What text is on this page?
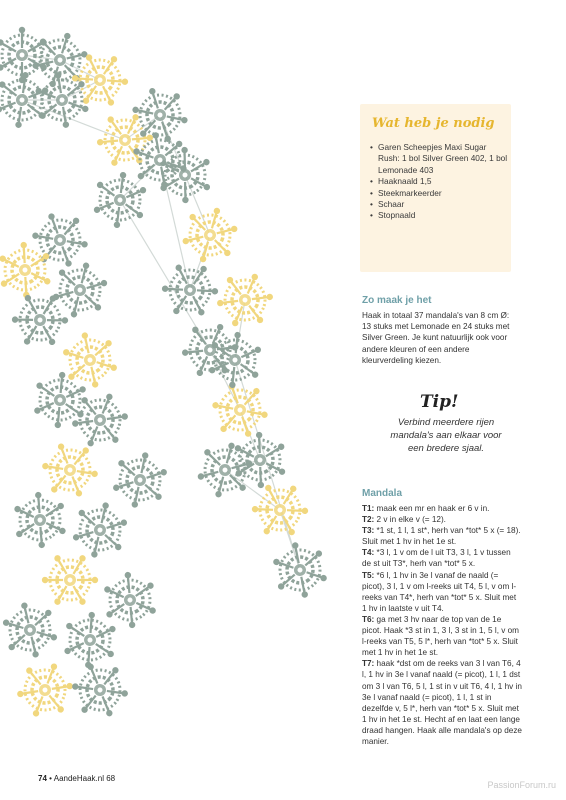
Wat heb je nodig
• Garen Scheepjes Maxi Sugar Rush: 1 bol Silver Green 402, 1 bol Lemonade 403
• Haaknaald 1,5
• Steekmarkeerder
• Schaar
• Stopnaald
Zo maak je het
Haak in totaal 37 mandala's van 8 cm Ø: 13 stuks met Lemonade en 24 stuks met Silver Green. Je kunt natuurlijk ook voor andere kleuren of een andere kleurverdeling kiezen.
Tip!
Verbind meerdere rijen mandala's aan elkaar voor een bredere sjaal.
Mandala

T1: maak een mr en haak er 6 v in.

T2: 2 v in elke v (= 12).

T3: *1 st, 1 l, 1 st*, herh van *tot* 5 x (= 18). Sluit met 1 hv in het 1e st.

T4: *3 l, 1 v om de l uit T3, 3 l, 1 v tussen de st uit T3*, herh van *tot* 5 x.

T5: *6 l, 1 hv in 3e l vanaf de naald (= picot), 3 l, 1 v om l-reeks uit T4, 5 l, v om l-reeks van T4*, herh van *tot* 5 x. Sluit met 1 hv in laatste v uit T4.

T6: ga met 3 hv naar de top van de 1e picot. Haak *3 st in 1, 3 l, 3 st in 1, 5 l, v om l-reeks van T5, 5 l*, herh van *tot* 5 x. Sluit met 1 hv in het 1e st.

T7: haak *dst om de reeks van 3 l van T6, 4 l, 1 hv in 3e l vanaf naald (= picot), 1 l, 1 dst om 3 l van T6, 5 l, 1 st in v uit T6, 4 l, 1 hv in 3e l vanaf naald (= picot), 1 l, 1 st in dezelfde v, 5 l*, herh van *tot* 5 x. Sluit met 1 hv in het 1e st. Hecht af en laat een lange draad hangen. Haak alle mandala's op deze manier.

74 • AandeHaak.nl 68
PassionForum.ru
